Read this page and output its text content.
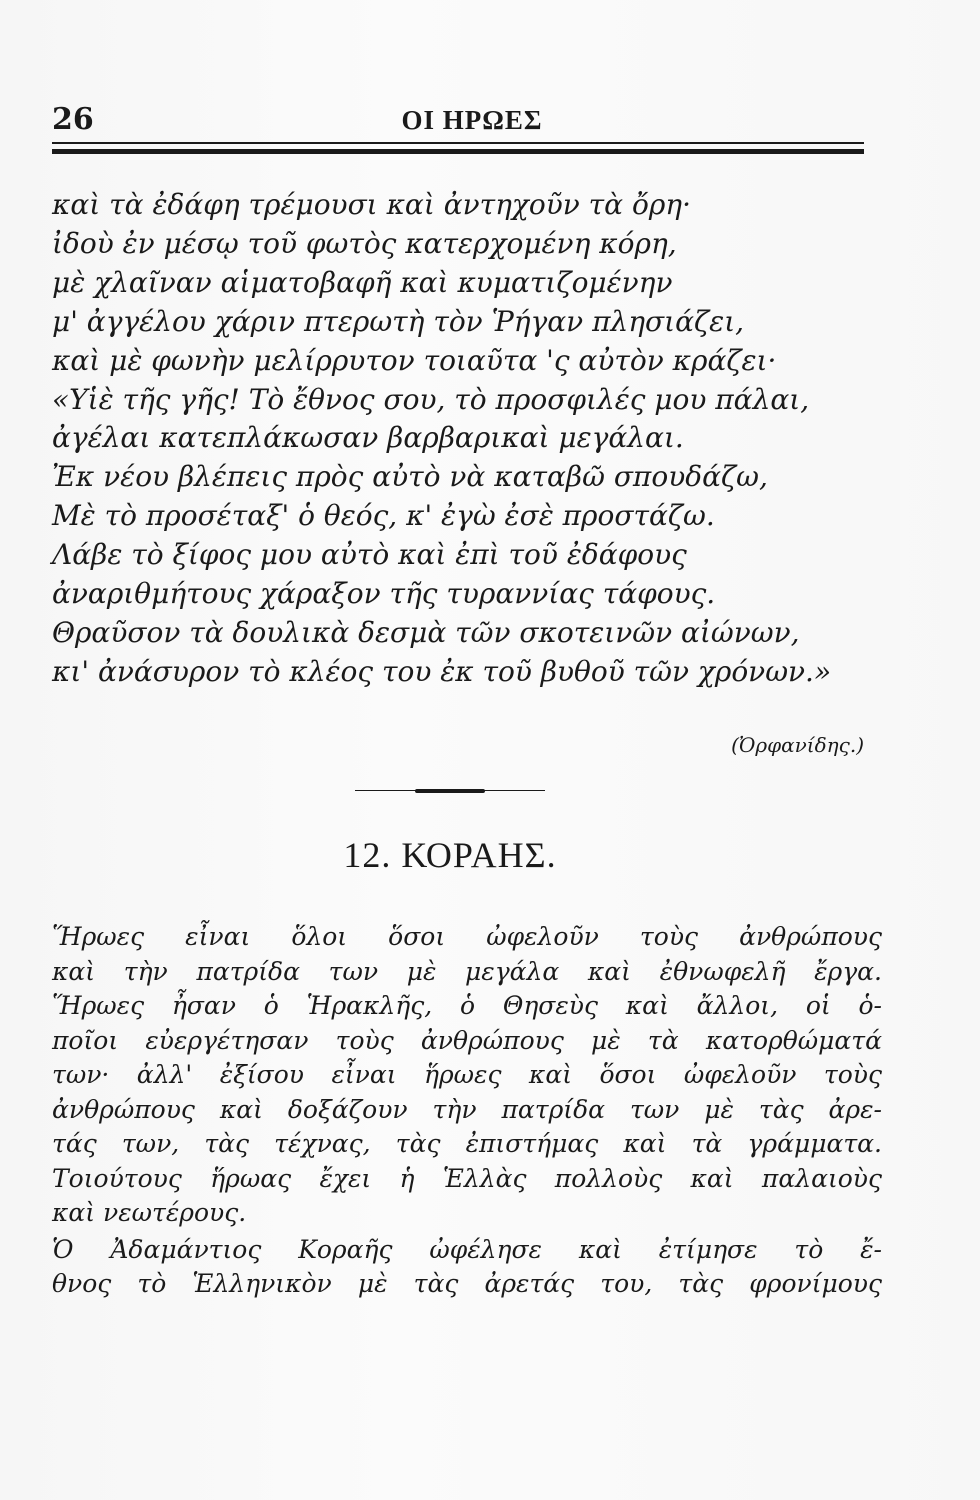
26	ΟΙ ΗΡΩΕΣ
καὶ τὰ ἐδάφη τρέμουσι καὶ ἀντηχοῦν τὰ ὄρη·
ἰδοὺ ἐν μέσῳ τοῦ φωτὸς κατερχομένη κόρη,
μὲ χλαῖναν αἱματοβαφῆ καὶ κυματιζομένην
μ' ἀγγέλου χάριν πτερωτὴ τὸν Ῥήγαν πλησιάζει,
καὶ μὲ φωνὴν μελίρρυτον τοιαῦτα 'ς αὐτὸν κράζει·
«Υἱὲ τῆς γῆς! Τὸ ἔθνος σου, τὸ προσφιλές μου πάλαι,
ἀγέλαι κατεπλάκωσαν βαρβαρικαὶ μεγάλαι.
Ἐκ νέου βλέπεις πρὸς αὐτὸ νὰ καταβῶ σπουδάζω,
Μὲ τὸ προσέταξ' ὁ θεός, κ' ἐγὼ ἐσὲ προστάζω.
Λάβε τὸ ξίφος μου αὐτὸ καὶ ἐπὶ τοῦ ἐδάφους
ἀναριθμήτους χάραξον τῆς τυραννίας τάφους.
Θραῦσον τὰ δουλικὰ δεσμὰ τῶν σκοτεινῶν αἰώνων,
κι' ἀνάσυρον τὸ κλέος του ἐκ τοῦ βυθοῦ τῶν χρόνων.»
(Ὀρφανίδης.)
12. ΚΟΡΑΗΣ.
Ἥρωες εἶναι ὅλοι ὅσοι ὠφελοῦν τοὺς ἀνθρώπους
καὶ τὴν πατρίδα των μὲ μεγάλα καὶ ἐθνωφελῆ ἔργα.
Ἥρωες ἦσαν ὁ Ἡρακλῆς, ὁ Θησεὺς καὶ ἄλλοι, οἱ ὁ-
ποῖοι εὐεργέτησαν τοὺς ἀνθρώπους μὲ τὰ κατορθώματά
των· ἀλλ' ἐξίσου εἶναι ἥρωες καὶ ὅσοι ὠφελοῦν τοὺς
ἀνθρώπους καὶ δοξάζουν τὴν πατρίδα των μὲ τὰς ἀρε-
τάς των, τὰς τέχνας, τὰς ἐπιστήμας καὶ τὰ γράμματα.
Τοιούτους ἥρωας ἔχει ἡ Ἑλλὰς πολλοὺς καὶ παλαιοὺς
καὶ νεωτέρους.
Ὁ Ἀδαμάντιος Κοραῆς ὠφέλησε καὶ ἐτίμησε τὸ ἔ-
θνος τὸ Ἑλληνικὸν μὲ τὰς ἀρετάς του, τὰς φρονίμους
